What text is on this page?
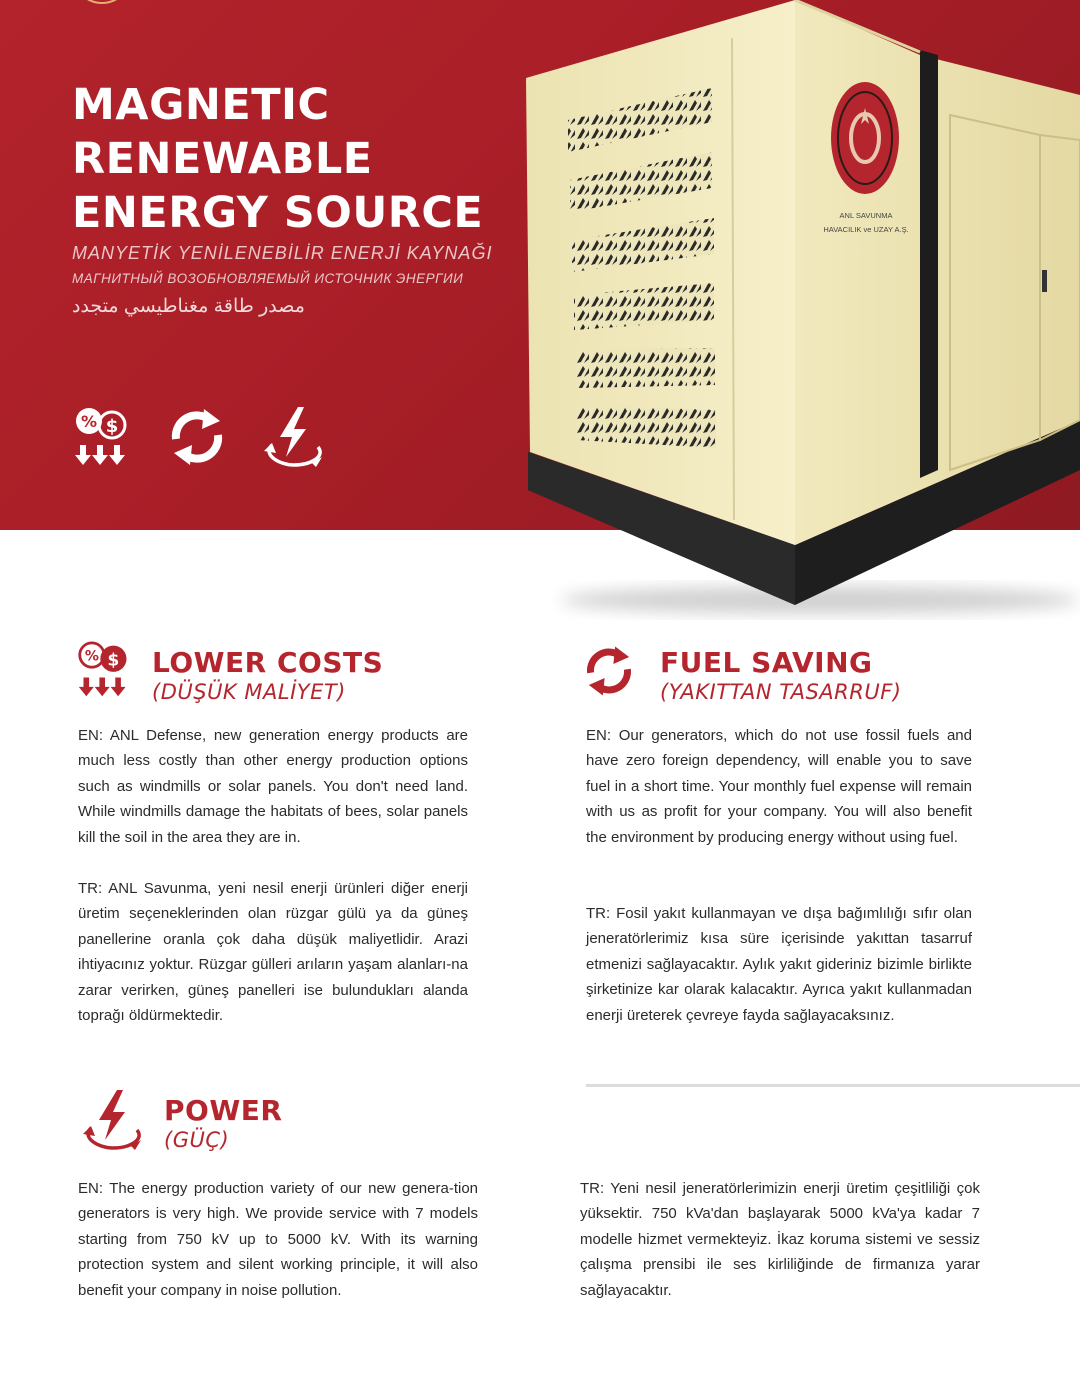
MAGNETIC
RENEWABLE
ENERGY SOURCE
MANYETİK YENİLENEBİLİR ENERJİ KAYNAĞI
МАГНИТНЫЙ ВОЗОБНОВЛЯЕМЫЙ ИСТОЧНИК ЭНЕРГИИ
مصدر طاقة مغناطيسي متجدد
% $
ANL SAVUNMA
HAVACILIK ve UZAY A.Ş.
% $ LOWER COSTS
(DÜŞÜK MALİYET)
EN: ANL Defense, new generation energy products are much less costly than other energy production options such as windmills or solar panels. You don't need land. While windmills damage the habitats of bees, solar panels kill the soil in the area they are in.
TR: ANL Savunma, yeni nesil enerji ürünleri diğer enerji üretim seçeneklerinden olan rüzgar gülü ya da güneş panellerine oranla çok daha düşük maliyetlidir. Arazi ihtiyacınız yoktur. Rüzgar gülleri arıların yaşam alanları-na zarar verirken, güneş panelleri ise bulundukları alanda toprağı öldürmektedir.
FUEL SAVING
(YAKITTAN TASARRUF)
EN: Our generators, which do not use fossil fuels and have zero foreign dependency, will enable you to save fuel in a short time. Your monthly fuel expense will remain with us as profit for your company. You will also benefit the environment by producing energy without using fuel.
TR: Fosil yakıt kullanmayan ve dışa bağımlılığı sıfır olan jeneratörlerimiz kısa süre içerisinde yakıttan tasarruf etmenizi sağlayacaktır. Aylık yakıt gideriniz bizimle birlikte şirketinize kar olarak kalacaktır. Ayrıca yakıt kullanmadan enerji üreterek çevreye fayda sağlayacaksınız.
POWER
(GÜÇ)
EN: The energy production variety of our new genera-tion generators is very high. We provide service with 7 models starting from 750 kV up to 5000 kV. With its warning protection system and silent working principle, it will also benefit your company in noise pollution.
TR: Yeni nesil jeneratörlerimizin enerji üretim çeşitliliği çok yüksektir. 750 kVa'dan başlayarak 5000 kVa'ya kadar 7 modelle hizmet vermekteyiz. İkaz koruma sistemi ve sessiz çalışma prensibi ile ses kirliliğinde de firmanıza yarar sağlayacaktır.
